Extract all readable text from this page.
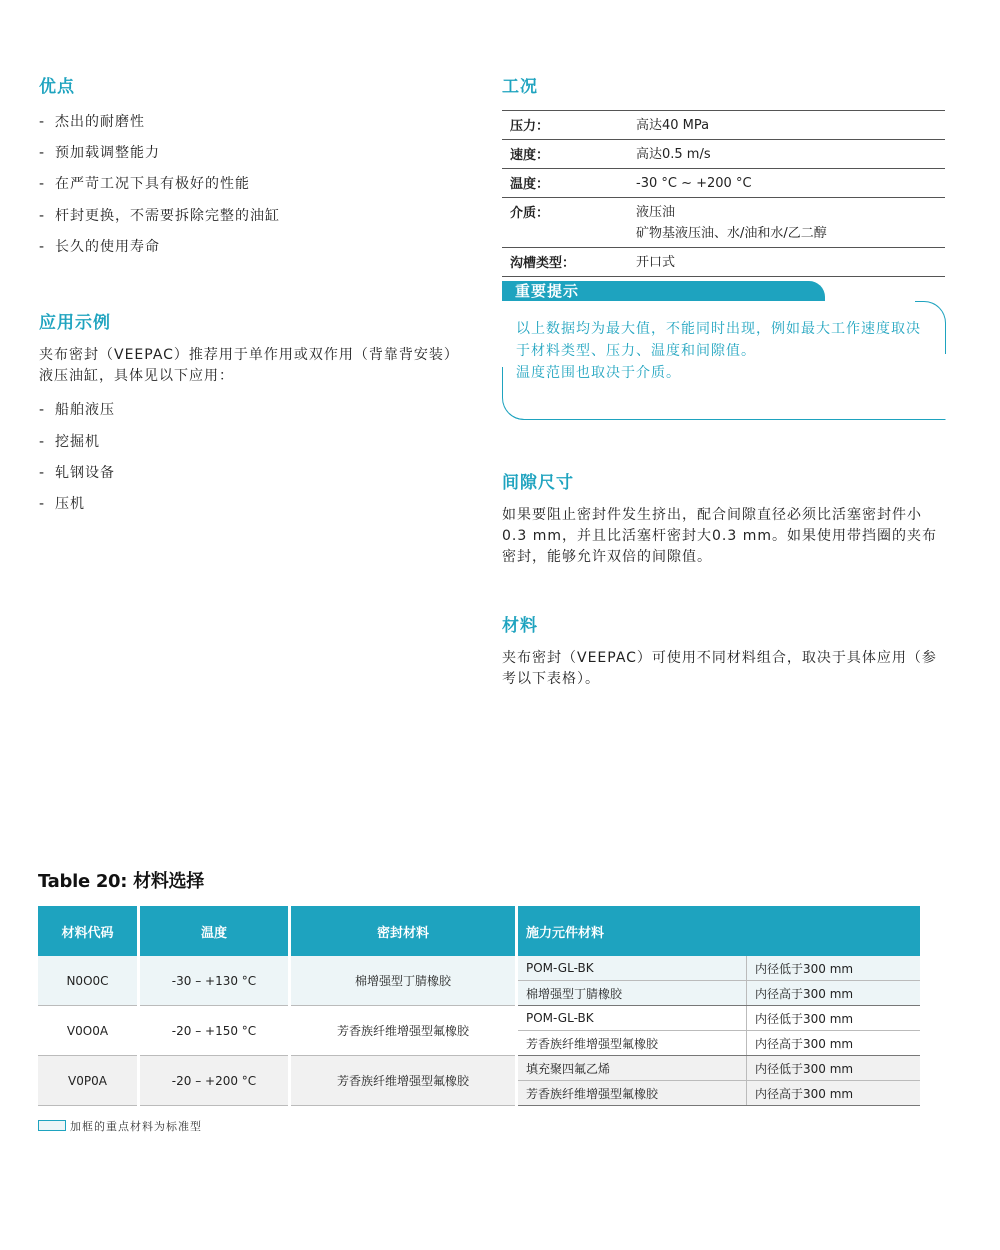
优点
- 杰出的耐磨性
- 预加载调整能力
- 在严苛工况下具有极好的性能
- 杆封更换，不需要拆除完整的油缸
- 长久的使用寿命
应用示例
夹布密封（VEEPAC）推荐用于单作用或双作用（背靠背安装）液压油缸，具体见以下应用：
- 船舶液压
- 挖掘机
- 轧钢设备
- 压机
工况
压力：	高达40 MPa
速度：	高达0.5 m/s
温度：	-30 °C ~ +200 °C
介质：	液压油
矿物基液压油、水/油和水/乙二醇
沟槽类型：	开口式
重要提示
以上数据均为最大值，不能同时出现，例如最大工作速度取决于材料类型、压力、温度和间隙值。
温度范围也取决于介质。
间隙尺寸
如果要阻止密封件发生挤出，配合间隙直径必须比活塞密封件小0.3 mm，并且比活塞杆密封大0.3 mm。如果使用带挡圈的夹布密封，能够允许双倍的间隙值。
材料
夹布密封（VEEPAC）可使用不同材料组合，取决于具体应用（参考以下表格）。
Table 20: 材料选择
材料代码	温度	密封材料	施力元件材料	
N0O0C	-30 – +130 °C	棉增强型丁腈橡胶	POM-GL-BK	内径低于300 mm
			棉增强型丁腈橡胶	内径高于300 mm
V0O0A	-20 – +150 °C	芳香族纤维增强型氟橡胶	POM-GL-BK	内径低于300 mm
			芳香族纤维增强型氟橡胶	内径高于300 mm
V0P0A	-20 – +200 °C	芳香族纤维增强型氟橡胶	填充聚四氟乙烯	内径低于300 mm
			芳香族纤维增强型氟橡胶	内径高于300 mm
加框的重点材料为标准型
